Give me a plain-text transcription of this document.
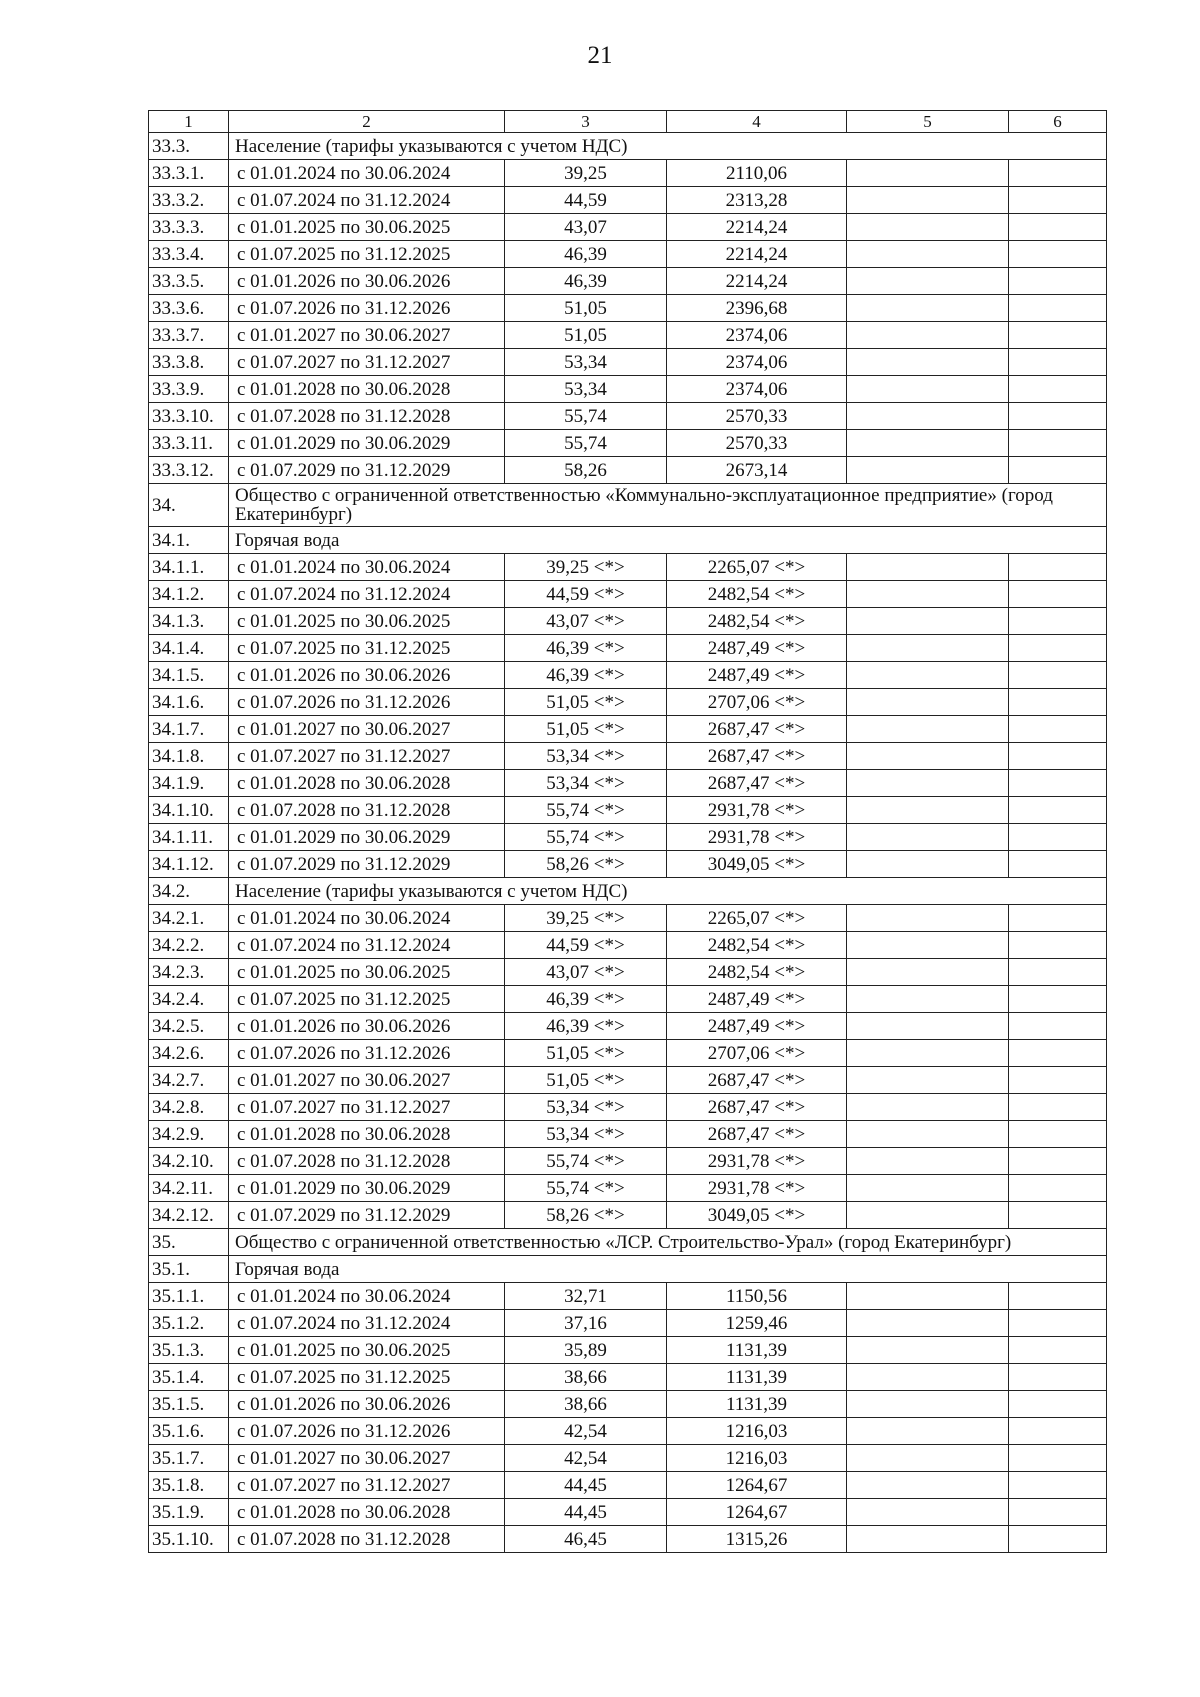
21
1	2	3	4	5	6
33.3.	Население (тарифы указываются с учетом НДС)				
33.3.1.	с 01.01.2024 по 30.06.2024	39,25	2110,06		
33.3.2.	с 01.07.2024 по 31.12.2024	44,59	2313,28		
33.3.3.	с 01.01.2025 по 30.06.2025	43,07	2214,24		
33.3.4.	с 01.07.2025 по 31.12.2025	46,39	2214,24		
33.3.5.	с 01.01.2026 по 30.06.2026	46,39	2214,24		
33.3.6.	с 01.07.2026 по 31.12.2026	51,05	2396,68		
33.3.7.	с 01.01.2027 по 30.06.2027	51,05	2374,06		
33.3.8.	с 01.07.2027 по 31.12.2027	53,34	2374,06		
33.3.9.	с 01.01.2028 по 30.06.2028	53,34	2374,06		
33.3.10.	с 01.07.2028 по 31.12.2028	55,74	2570,33		
33.3.11.	с 01.01.2029 по 30.06.2029	55,74	2570,33		
33.3.12.	с 01.07.2029 по 31.12.2029	58,26	2673,14		
34.	Общество с ограниченной ответственностью «Коммунально-эксплуатационное предприятие» (город Екатеринбург)				
34.1.	Горячая вода				
34.1.1.	с 01.01.2024 по 30.06.2024	39,25 <*>	2265,07 <*>		
34.1.2.	с 01.07.2024 по 31.12.2024	44,59 <*>	2482,54 <*>		
34.1.3.	с 01.01.2025 по 30.06.2025	43,07 <*>	2482,54 <*>		
34.1.4.	с 01.07.2025 по 31.12.2025	46,39 <*>	2487,49 <*>		
34.1.5.	с 01.01.2026 по 30.06.2026	46,39 <*>	2487,49 <*>		
34.1.6.	с 01.07.2026 по 31.12.2026	51,05 <*>	2707,06 <*>		
34.1.7.	с 01.01.2027 по 30.06.2027	51,05 <*>	2687,47 <*>		
34.1.8.	с 01.07.2027 по 31.12.2027	53,34 <*>	2687,47 <*>		
34.1.9.	с 01.01.2028 по 30.06.2028	53,34 <*>	2687,47 <*>		
34.1.10.	с 01.07.2028 по 31.12.2028	55,74 <*>	2931,78 <*>		
34.1.11.	с 01.01.2029 по 30.06.2029	55,74 <*>	2931,78 <*>		
34.1.12.	с 01.07.2029 по 31.12.2029	58,26 <*>	3049,05 <*>		
34.2.	Население (тарифы указываются с учетом НДС)				
34.2.1.	с 01.01.2024 по 30.06.2024	39,25 <*>	2265,07 <*>		
34.2.2.	с 01.07.2024 по 31.12.2024	44,59 <*>	2482,54 <*>		
34.2.3.	с 01.01.2025 по 30.06.2025	43,07 <*>	2482,54 <*>		
34.2.4.	с 01.07.2025 по 31.12.2025	46,39 <*>	2487,49 <*>		
34.2.5.	с 01.01.2026 по 30.06.2026	46,39 <*>	2487,49 <*>		
34.2.6.	с 01.07.2026 по 31.12.2026	51,05 <*>	2707,06 <*>		
34.2.7.	с 01.01.2027 по 30.06.2027	51,05 <*>	2687,47 <*>		
34.2.8.	с 01.07.2027 по 31.12.2027	53,34 <*>	2687,47 <*>		
34.2.9.	с 01.01.2028 по 30.06.2028	53,34 <*>	2687,47 <*>		
34.2.10.	с 01.07.2028 по 31.12.2028	55,74 <*>	2931,78 <*>		
34.2.11.	с 01.01.2029 по 30.06.2029	55,74 <*>	2931,78 <*>		
34.2.12.	с 01.07.2029 по 31.12.2029	58,26 <*>	3049,05 <*>		
35.	Общество с ограниченной ответственностью «ЛСР. Строительство-Урал» (город Екатеринбург)				
35.1.	Горячая вода				
35.1.1.	с 01.01.2024 по 30.06.2024	32,71	1150,56		
35.1.2.	с 01.07.2024 по 31.12.2024	37,16	1259,46		
35.1.3.	с 01.01.2025 по 30.06.2025	35,89	1131,39		
35.1.4.	с 01.07.2025 по 31.12.2025	38,66	1131,39		
35.1.5.	с 01.01.2026 по 30.06.2026	38,66	1131,39		
35.1.6.	с 01.07.2026 по 31.12.2026	42,54	1216,03		
35.1.7.	с 01.01.2027 по 30.06.2027	42,54	1216,03		
35.1.8.	с 01.07.2027 по 31.12.2027	44,45	1264,67		
35.1.9.	с 01.01.2028 по 30.06.2028	44,45	1264,67		
35.1.10.	с 01.07.2028 по 31.12.2028	46,45	1315,26		
